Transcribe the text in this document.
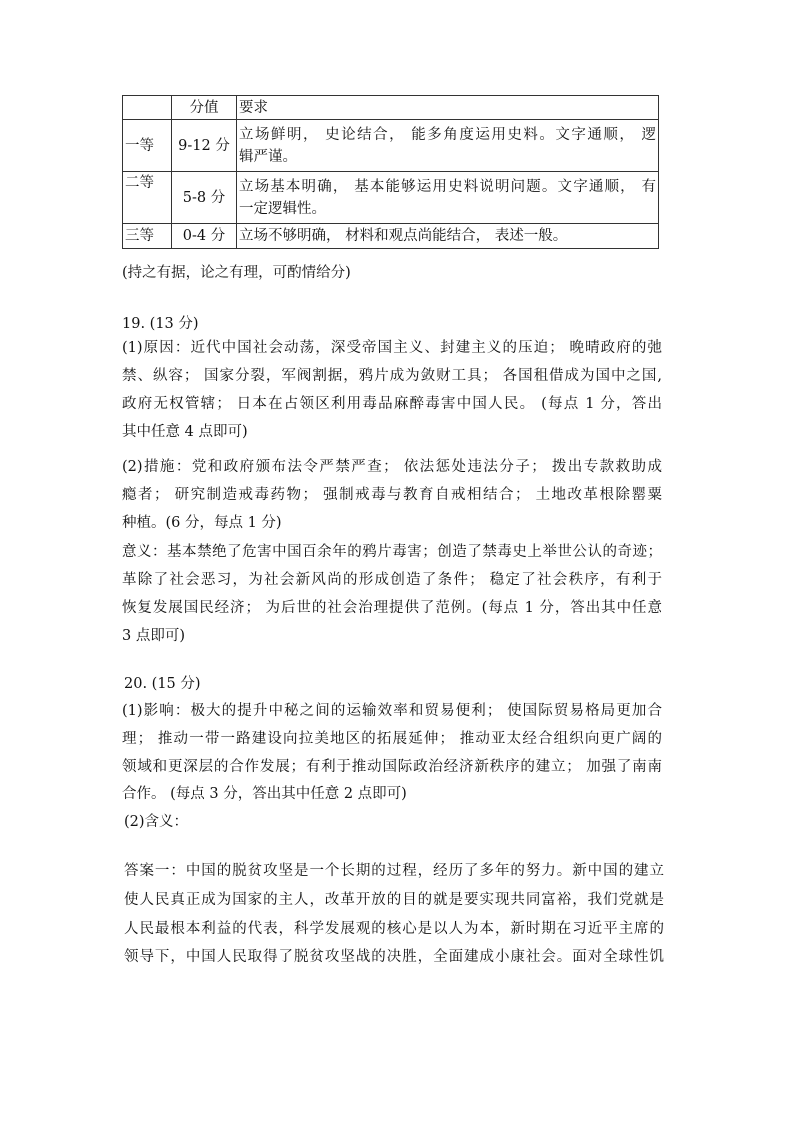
	分值	要求
一等	9-12 分	立场鲜明， 史论结合， 能多角度运用史料。文字通顺， 逻
辑严谨。
二等	5-8 分	立场基本明确， 基本能够运用史料说明问题。文字通顺， 有
一定逻辑性。
三等	0-4 分	立场不够明确， 材料和观点尚能结合， 表述一般。
(持之有据，论之有理，可酌情给分)
19. (13 分)
(1)原因：近代中国社会动荡，深受帝国主义、封建主义的压迫； 晚晴政府的弛
禁、纵容； 国家分裂，军阀割据，鸦片成为敛财工具； 各国租借成为国中之国,
政府无权管辖； 日本在占领区利用毒品麻醉毒害中国人民。 (每点 1 分，答出
其中任意 4 点即可)
(2)措施：党和政府颁布法令严禁严查； 依法惩处违法分子； 拨出专款救助成
瘾者； 研究制造戒毒药物； 强制戒毒与教育自戒相结合； 土地改革根除罂粟
种植。(6 分，每点 1 分)
意义：基本禁绝了危害中国百余年的鸦片毒害；创造了禁毒史上举世公认的奇迹；
革除了社会恶习，为社会新风尚的形成创造了条件； 稳定了社会秩序，有利于
恢复发展国民经济； 为后世的社会治理提供了范例。(每点 1 分，答出其中任意
3 点即可)
20. (15 分)
(1)影响：极大的提升中秘之间的运输效率和贸易便利； 使国际贸易格局更加合
理； 推动一带一路建设向拉美地区的拓展延伸； 推动亚太经合组织向更广阔的
领域和更深层的合作发展；有利于推动国际政治经济新秩序的建立； 加强了南南
合作。 (每点 3 分，答出其中任意 2 点即可)
(2)含义：
答案一：中国的脱贫攻坚是一个长期的过程，经历了多年的努力。新中国的建立
使人民真正成为国家的主人，改革开放的目的就是要实现共同富裕，我们党就是
人民最根本利益的代表，科学发展观的核心是以人为本，新时期在习近平主席的
领导下，中国人民取得了脱贫攻坚战的决胜，全面建成小康社会。面对全球性饥
